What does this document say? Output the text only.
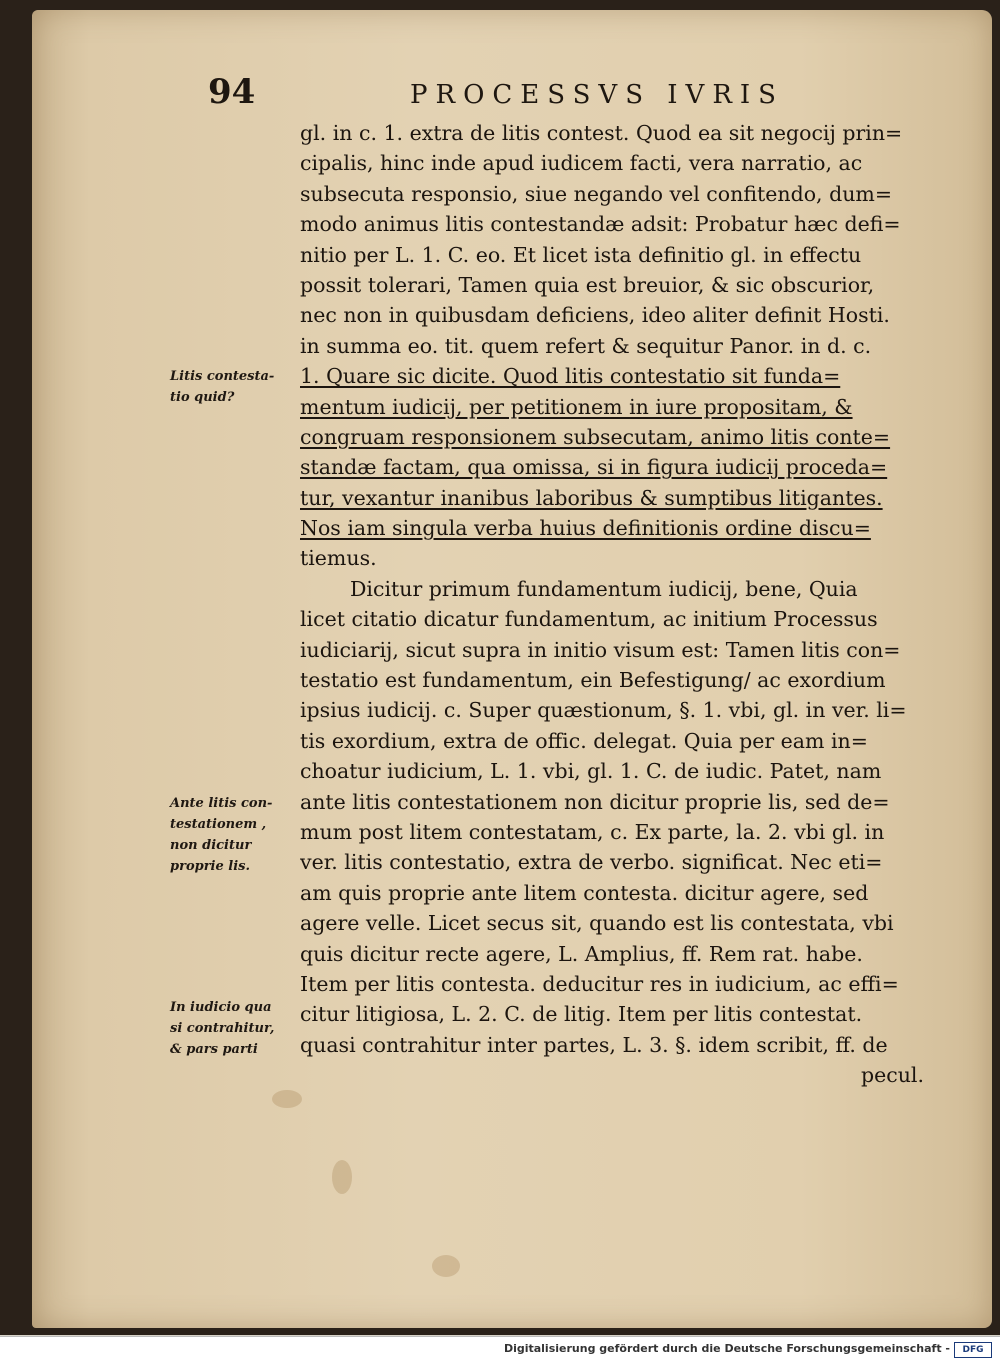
94	PROCESSVS IVRIS
gl. in c. 1. extra de litis contest. Quod ea sit negocij prin=
cipalis, hinc inde apud iudicem facti, vera narratio, ac
subsecuta responsio, siue negando vel confitendo, dum=
modo animus litis contestandæ adsit: Probatur hæc defi=
nitio per L. 1. C. eo. Et licet ista definitio gl. in effectu
possit tolerari, Tamen quia est breuior, & sic obscurior,
nec non in quibusdam deficiens, ideo aliter definit Hosti.
in summa eo. tit. quem refert & sequitur Panor. in d. c.
1. Quare sic dicite. Quod litis contestatio sit funda=
mentum iudicij, per petitionem in iure propositam, &
congruam responsionem subsecutam, animo litis conte=
standæ factam, qua omissa, si in figura iudicij proceda=
tur, vexantur inanibus laboribus & sumptibus litigantes.
Nos iam singula verba huius definitionis ordine discu=
tiemus.
Dicitur primum fundamentum iudicij, bene, Quia
licet citatio dicatur fundamentum, ac initium Processus
iudiciarij, sicut supra in initio visum est: Tamen litis con=
testatio est fundamentum, ein Befestigung/ ac exordium
ipsius iudicij. c. Super quæstionum, §. 1. vbi, gl. in ver. li=
tis exordium, extra de offic. delegat. Quia per eam in=
choatur iudicium, L. 1. vbi, gl. 1. C. de iudic. Patet, nam
ante litis contestationem non dicitur proprie lis, sed de=
mum post litem contestatam, c. Ex parte, la. 2. vbi gl. in
ver. litis contestatio, extra de verbo. significat. Nec eti=
am quis proprie ante litem contesta. dicitur agere, sed
agere velle. Licet secus sit, quando est lis contestata, vbi
quis dicitur recte agere, L. Amplius, ff. Rem rat. habe.
Item per litis contesta. deducitur res in iudicium, ac effi=
citur litigiosa, L. 2. C. de litig. Item per litis contestat.
quasi contrahitur inter partes, L. 3. §. idem scribit, ff. de
pecul.
Litis contesta-
tio quid?
Ante litis con-
testationem ,
non dicitur
proprie lis.
In iudicio qua
si contrahitur,
& pars parti
Digitalisierung gefördert durch die Deutsche Forschungsgemeinschaft -	DFG
